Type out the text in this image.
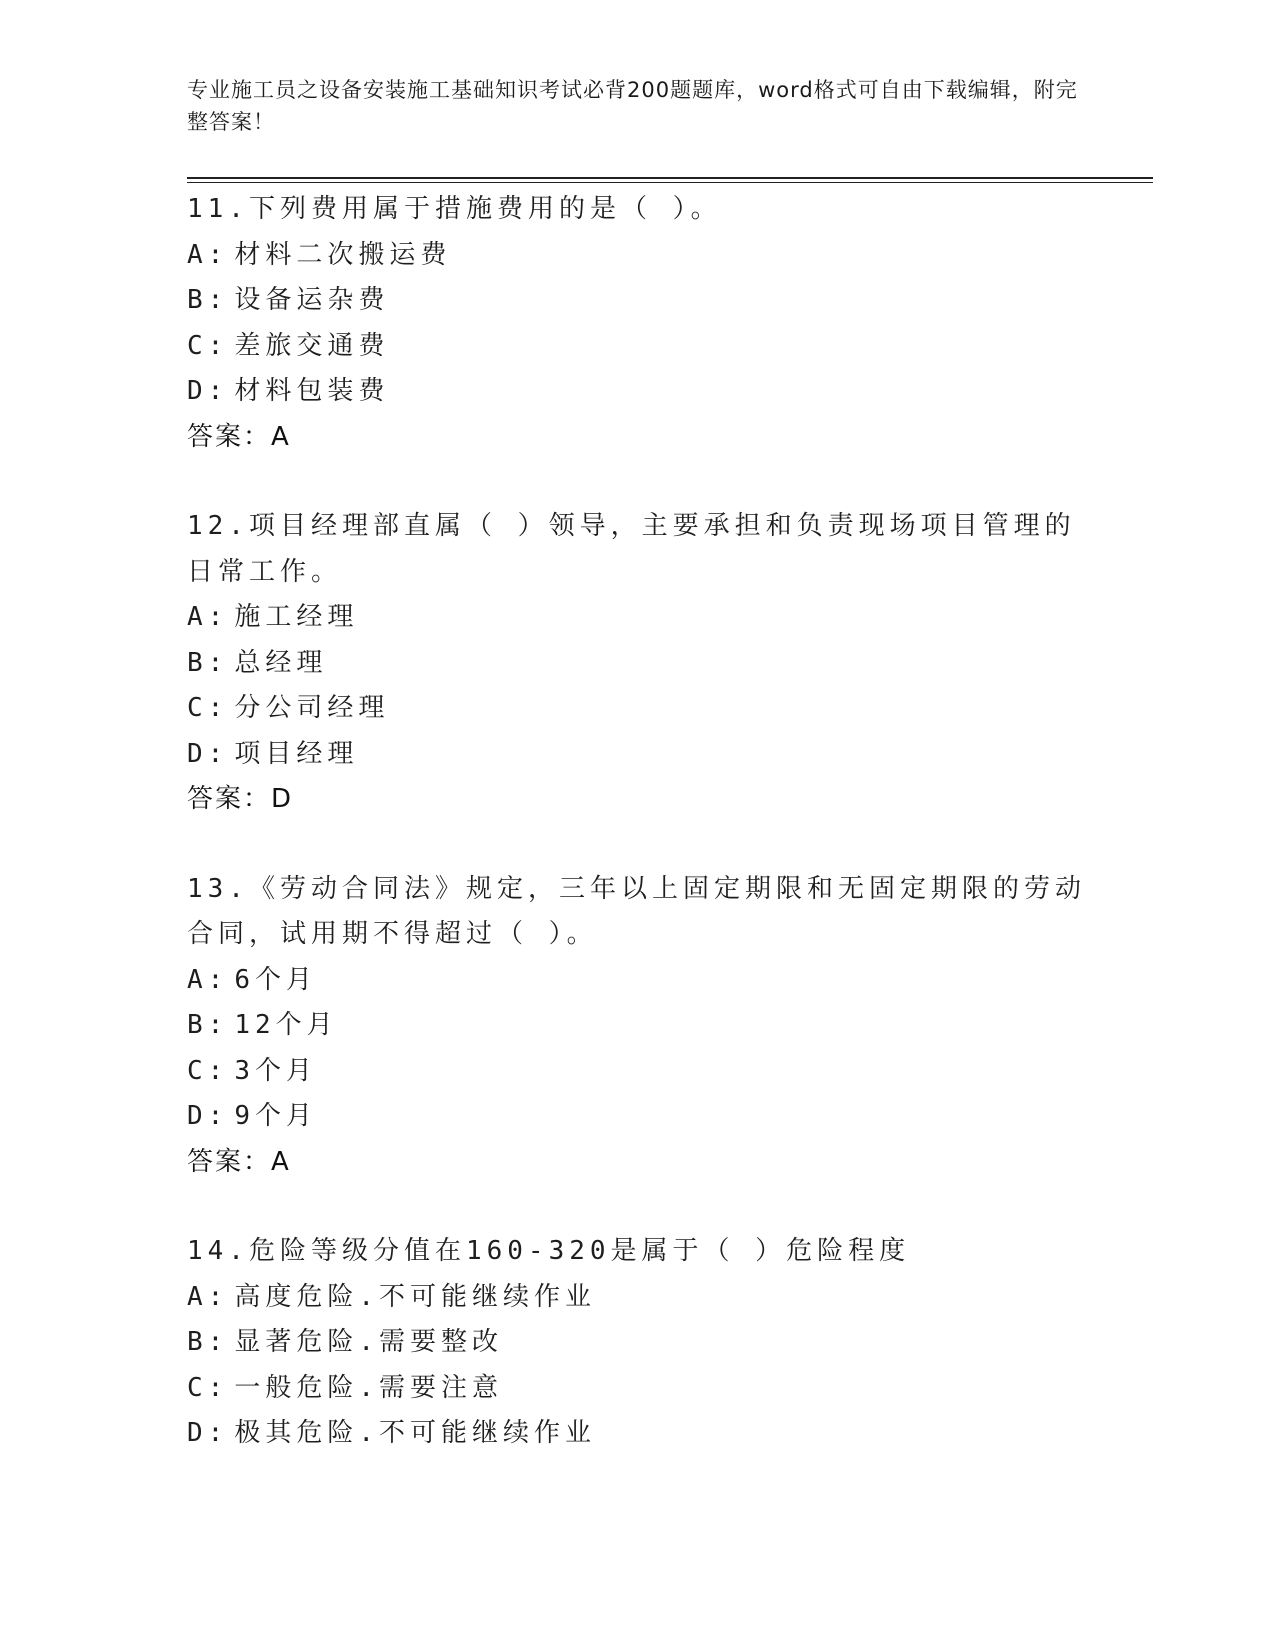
专业施工员之设备安装施工基础知识考试必背200题题库，word格式可自由下载编辑，附完整答案！
11.下列费用属于措施费用的是（ ）。
A: 材料二次搬运费
B: 设备运杂费
C: 差旅交通费
D: 材料包装费
答案：A
12.项目经理部直属（ ）领导，主要承担和负责现场项目管理的日常工作。
A: 施工经理
B: 总经理
C: 分公司经理
D: 项目经理
答案：D
13.《劳动合同法》规定，三年以上固定期限和无固定期限的劳动合同，试用期不得超过（ ）。
A: 6个月
B: 12个月
C: 3个月
D: 9个月
答案：A
14.危险等级分值在160-320是属于（ ）危险程度
A: 高度危险.不可能继续作业
B: 显著危险.需要整改
C: 一般危险.需要注意
D: 极其危险.不可能继续作业
